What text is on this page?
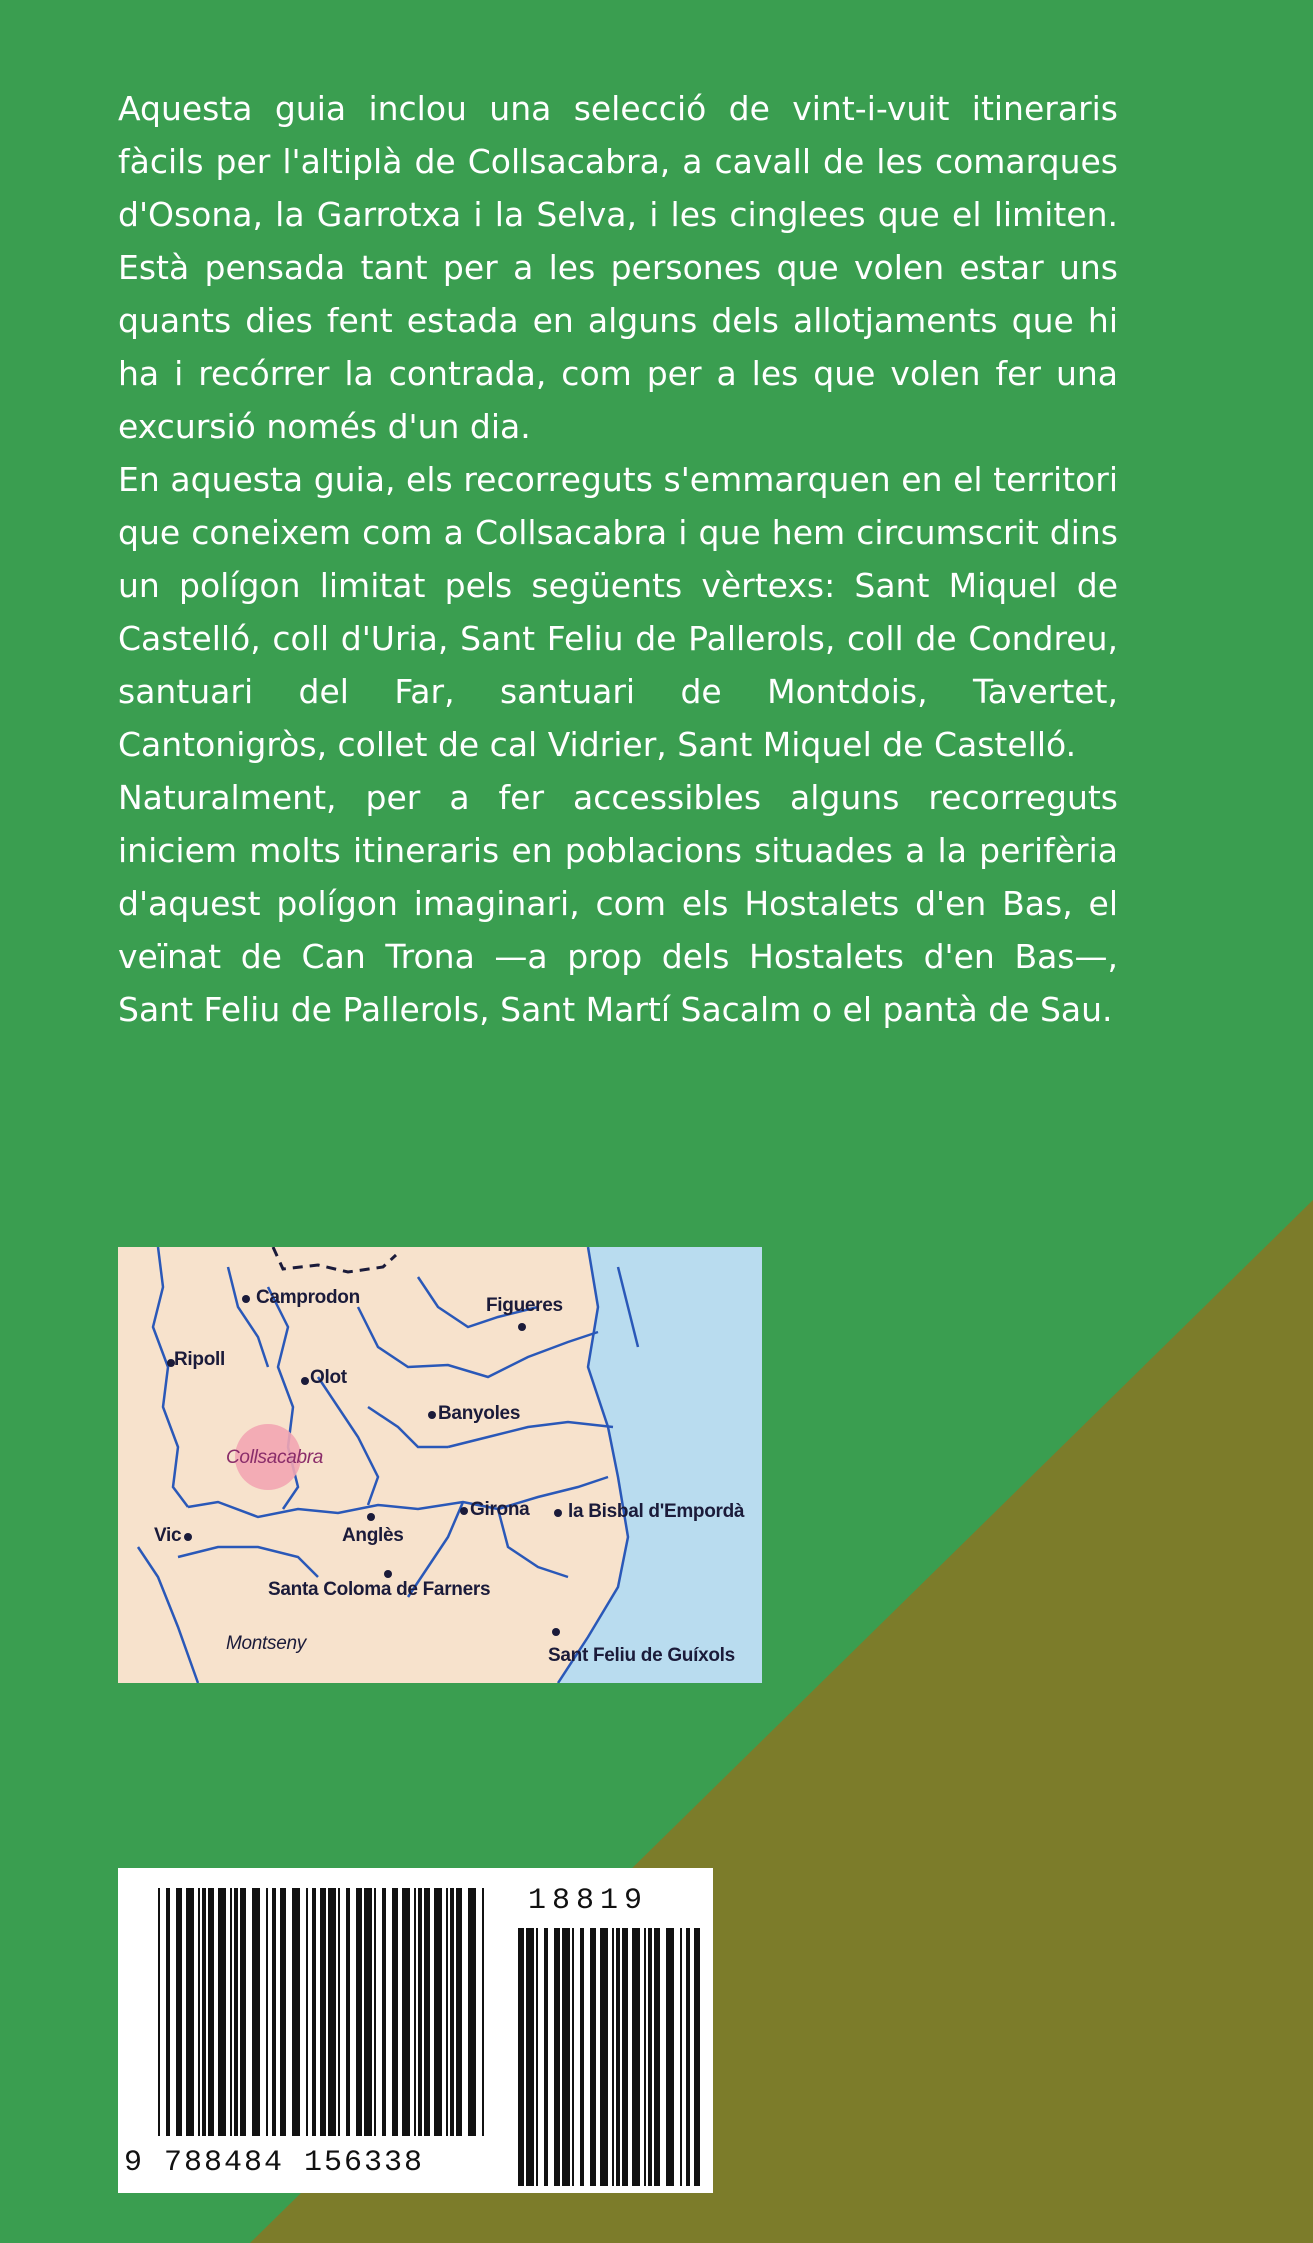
Aquesta guia inclou una selecció de vint-i-vuit itineraris fàcils per l'altiplà de Collsacabra, a cavall de les comarques d'Osona, la Garrotxa i la Selva, i les cinglees que el limiten. Està pensada tant per a les persones que volen estar uns quants dies fent estada en alguns dels allotjaments que hi ha i recórrer la contrada, com per a les que volen fer una excursió només d'un dia.

En aquesta guia, els recorreguts s'emmarquen en el territori que coneixem com a Collsacabra i que hem circumscrit dins un polígon limitat pels següents vèrtexs: Sant Miquel de Castelló, coll d'Uria, Sant Feliu de Pallerols, coll de Condreu, santuari del Far, santuari de Montdois, Tavertet, Cantonigròs, collet de cal Vidrier, Sant Miquel de Castelló.

Naturalment, per a fer accessibles alguns recorreguts iniciem molts itineraris en poblacions situades a la perifèria d'aquest polígon imaginari, com els Hostalets d'en Bas, el veïnat de Can Trona —a prop dels Hostalets d'en Bas—, Sant Feliu de Pallerols, Sant Martí Sacalm o el pantà de Sau.

Camprodon	Figueres
Ripoll
Olot
Banyoles
Collsacabra
Girona la Bisbal d'Empordà
Vic	Anglès
Santa Coloma de Farners
Montseny
Sant Feliu de Guíxols
9 788484 156338
18819
